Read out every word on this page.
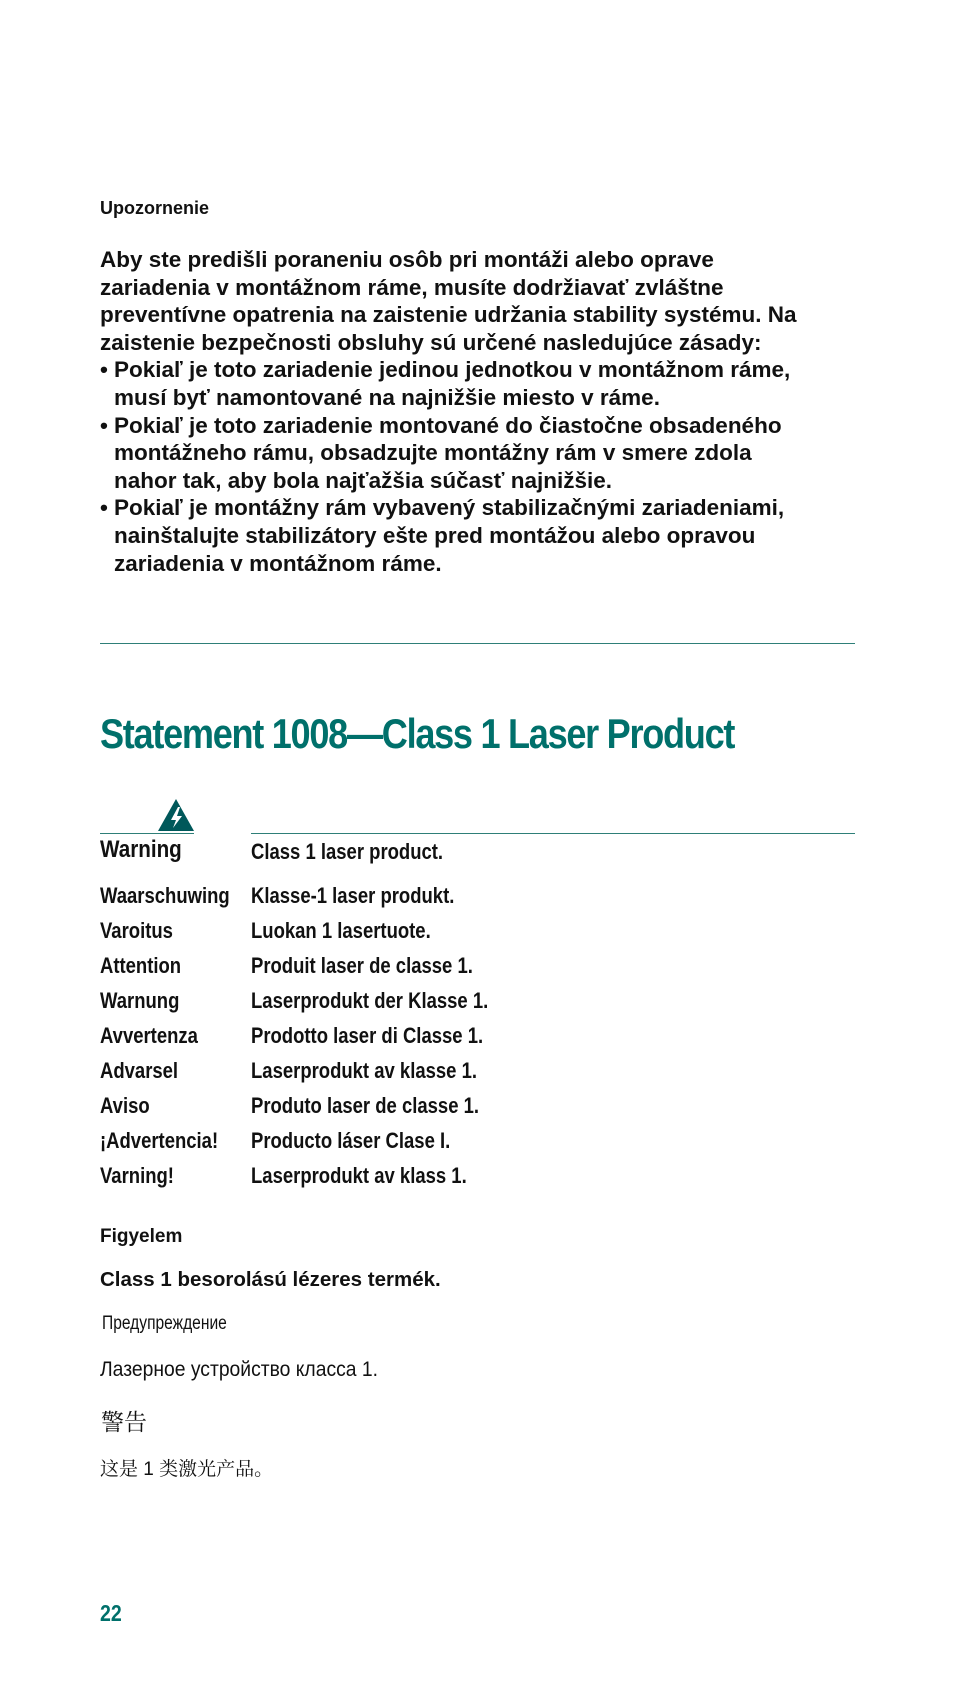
Upozornenie

Aby ste predišli poraneniu osôb pri montáži alebo oprave zariadenia v montážnom ráme, musíte dodržiavať zvláštne preventívne opatrenia na zaistenie udržania stability systému. Na zaistenie bezpečnosti obsluhy sú určené nasledujúce zásady:

• Pokiaľ je toto zariadenie jedinou jednotkou v montážnom ráme, musí byť namontované na najnižšie miesto v ráme.
• Pokiaľ je toto zariadenie montované do čiastočne obsadeného montážneho rámu, obsadzujte montážny rám v smere zdola nahor tak, aby bola najťažšia súčasť najnižšie.
• Pokiaľ je montážny rám vybavený stabilizačnými zariadeniami, nainštalujte stabilizátory ešte pred montážou alebo opravou zariadenia v montážnom ráme.
Statement 1008—Class 1 Laser Product
Warning	Class 1 laser product.
Waarschuwing Klasse-1 laser produkt.
Varoitus	Luokan 1 lasertuote.
Attention	Produit laser de classe 1.
Warnung	Laserprodukt der Klasse 1.
Avvertenza Prodotto laser di Classe 1.
Advarsel	Laserprodukt av klasse 1.
Aviso	Produto laser de classe 1.
¡Advertencia! Producto láser Clase I.
Varning!	Laserprodukt av klass 1.
Figyelem
Class 1 besorolású lézeres termék.
Предупреждение
Лазерное устройство класса 1.
警告
这是 1 类激光产品。
22
